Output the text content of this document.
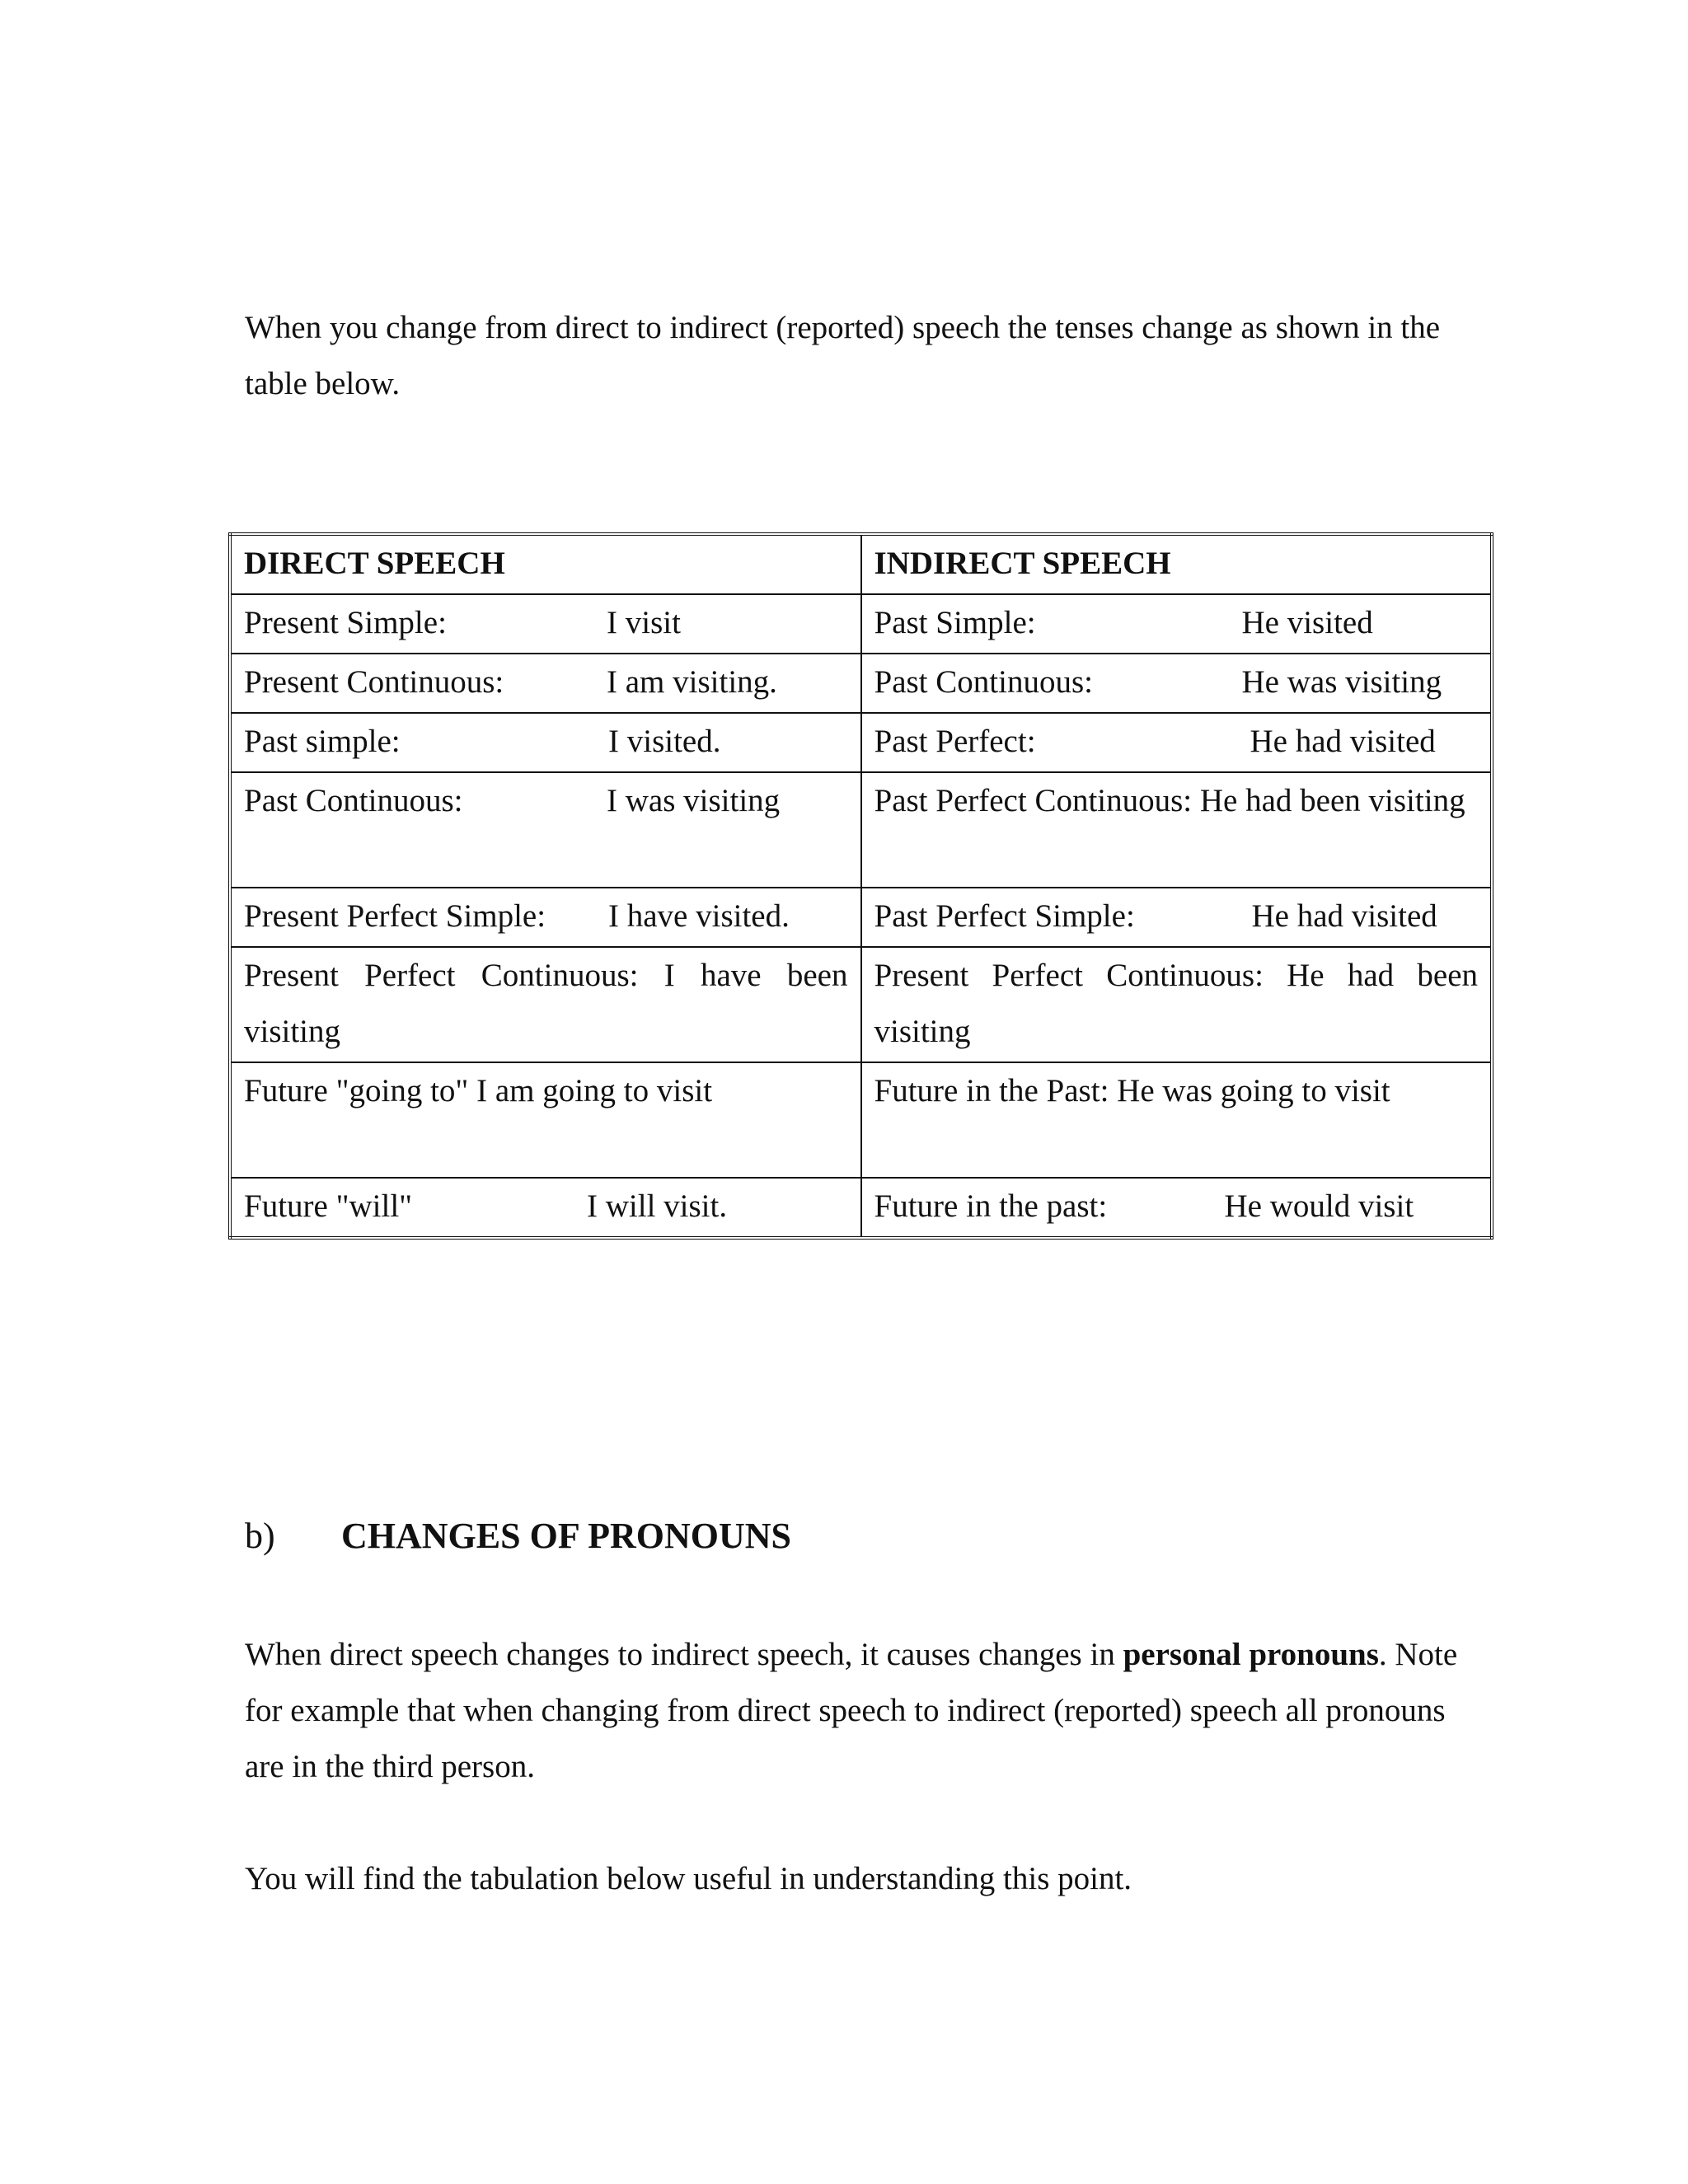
When you change from direct to indirect (reported) speech the tenses change as shown in the table below.

DIRECT SPEECH	INDIRECT SPEECH

Present Simple: I visit	Past Simple: He visited

Present Continuous: I am visiting.	Past Continuous: He was visiting

Past simple: I visited.	Past Perfect: He had visited

Past Continuous: I was visiting	Past Perfect Continuous: He had been visiting

Present Perfect Simple: I have visited.	Past Perfect Simple: He had visited

Present Perfect Continuous: I have been visiting	Present Perfect Continuous: He had been visiting

Future "going to" I am going to visit	Future in the Past: He was going to visit

Future "will" I will visit.	Future in the past: He would visit
b) CHANGES OF PRONOUNS

When direct speech changes to indirect speech, it causes changes in personal pronouns. Note for example that when changing from direct speech to indirect (reported) speech all pronouns are in the third person.

You will find the tabulation below useful in understanding this point.
